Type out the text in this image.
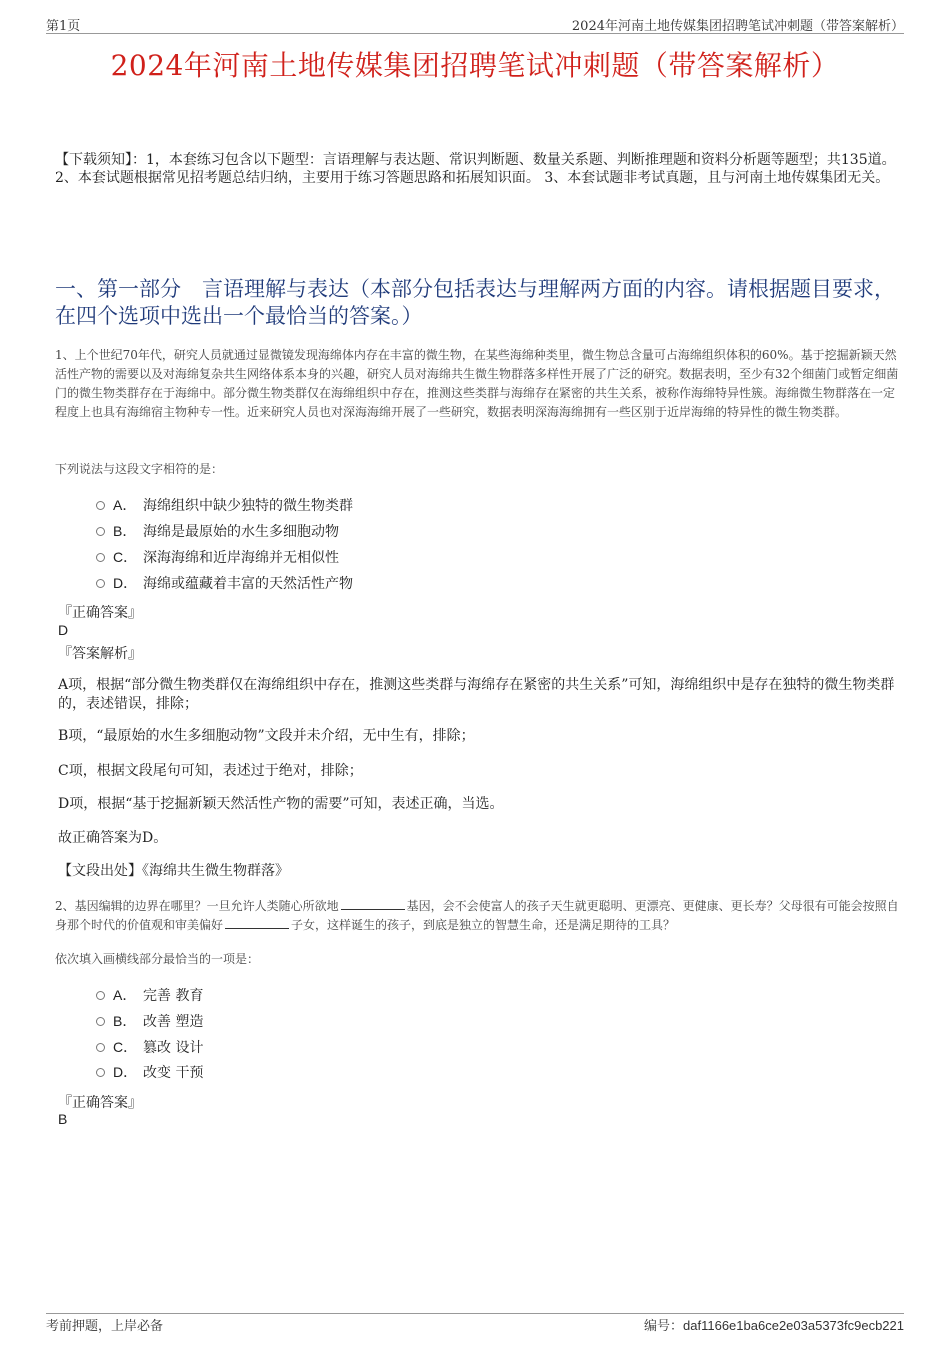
第1页	2024年河南土地传媒集团招聘笔试冲刺题（带答案解析）
2024年河南土地传媒集团招聘笔试冲刺题（带答案解析）
【下载须知】：1，本套练习包含以下题型：言语理解与表达题、常识判断题、数量关系题、判断推理题和资料分析题等题型；共135道。 2、本套试题根据常见招考题总结归纳，主要用于练习答题思路和拓展知识面。 3、本套试题非考试真题，且与河南土地传媒集团无关。
一、第一部分　言语理解与表达（本部分包括表达与理解两方面的内容。请根据题目要求，在四个选项中选出一个最恰当的答案。）
1、上个世纪70年代，研究人员就通过显微镜发现海绵体内存在丰富的微生物，在某些海绵种类里，微生物总含量可占海绵组织体积的60%。基于挖掘新颖天然活性产物的需要以及对海绵复杂共生网络体系本身的兴趣，研究人员对海绵共生微生物群落多样性开展了广泛的研究。数据表明，至少有32个细菌门或暂定细菌门的微生物类群存在于海绵中。部分微生物类群仅在海绵组织中存在，推测这些类群与海绵存在紧密的共生关系，被称作海绵特异性簇。海绵微生物群落在一定程度上也具有海绵宿主物种专一性。近来研究人员也对深海海绵开展了一些研究，数据表明深海海绵拥有一些区别于近岸海绵的特异性的微生物类群。
下列说法与这段文字相符的是：
A． 海绵组织中缺少独特的微生物类群
B． 海绵是最原始的水生多细胞动物
C． 深海海绵和近岸海绵并无相似性
D． 海绵或蕴藏着丰富的天然活性产物
『正确答案』
D
『答案解析』
A项，根据“部分微生物类群仅在海绵组织中存在，推测这些类群与海绵存在紧密的共生关系”可知，海绵组织中是存在独特的微生物类群的，表述错误，排除；
B项，“最原始的水生多细胞动物”文段并未介绍，无中生有，排除；
C项，根据文段尾句可知，表述过于绝对，排除；
D项，根据“基于挖掘新颖天然活性产物的需要”可知，表述正确，当选。
故正确答案为D。
【文段出处】《海绵共生微生物群落》
2、基因编辑的边界在哪里？一旦允许人类随心所欲地	基因，会不会使富人的孩子天生就更聪明、更漂亮、更健康、更长寿？父母很有可能会按照自身那个时代的价值观和审美偏好	子女，这样诞生的孩子，到底是独立的智慧生命，还是满足期待的工具？
依次填入画横线部分最恰当的一项是：
A． 完善 教育
B． 改善 塑造
C． 篡改 设计
D． 改变 干预
『正确答案』
B
考前押题，上岸必备	编号：daf1166e1ba6ce2e03a5373fc9ecb221
